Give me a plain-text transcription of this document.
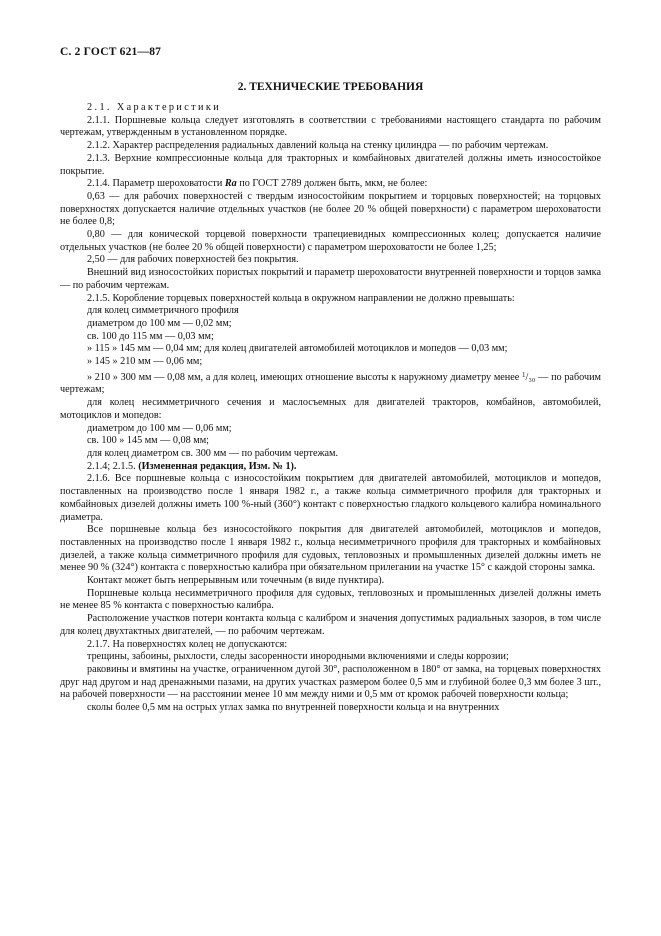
С. 2 ГОСТ 621—87
2. ТЕХНИЧЕСКИЕ ТРЕБОВАНИЯ

2.1. Характеристики

2.1.1. Поршневые кольца следует изготовлять в соответствии с требованиями настоящего стандарта по рабочим чертежам, утвержденным в установленном порядке.

2.1.2. Характер распределения радиальных давлений кольца на стенку цилиндра — по рабочим чертежам.

2.1.3. Верхние компрессионные кольца для тракторных и комбайновых двигателей должны иметь износостойкое покрытие.

2.1.4. Параметр шероховатости Ra по ГОСТ 2789 должен быть, мкм, не более:

0,63 — для рабочих поверхностей с твердым износостойким покрытием и торцовых поверхностей; на торцовых поверхностях допускается наличие отдельных участков (не более 20 % общей поверхности) с параметром шероховатости не более 0,8;

0,80 — для конической торцевой поверхности трапециевидных компрессионных колец; допускается наличие отдельных участков (не более 20 % общей поверхности) с параметром шероховатости не более 1,25;

2,50 — для рабочих поверхностей без покрытия.

Внешний вид износостойких пористых покрытий и параметр шероховатости внутренней поверхности и торцов замка — по рабочим чертежам.

2.1.5. Коробление торцевых поверхностей кольца в окружном направлении не должно превышать:

для колец симметричного профиля

диаметром до 100 мм — 0,02 мм;

св. 100 до 115 мм — 0,03 мм;

» 115 » 145 мм — 0,04 мм; для колец двигателей автомобилей мотоциклов и мопедов — 0,03 мм;

» 145 » 210 мм — 0,06 мм;

» 210 » 300 мм — 0,08 мм, а для колец, имеющих отношение высоты к наружному диаметру менее $^1$/₃₀ — по рабочим чертежам;

для колец несимметричного сечения и маслосъемных для двигателей тракторов, комбайнов, автомобилей, мотоциклов и мопедов:

диаметром до 100 мм — 0,06 мм;

св. 100 » 145 мм — 0,08 мм;

для колец диаметром св. 300 мм — по рабочим чертежам.

2.1.4; 2.1.5. (Измененная редакция, Изм. № 1).

2.1.6. Все поршневые кольца с износостойким покрытием для двигателей автомобилей, мотоциклов и мопедов, поставленных на производство после 1 января 1982 г., а также кольца симметричного профиля для тракторных и комбайновых дизелей должны иметь 100 %-ный (360°) контакт с поверхностью гладкого кольцевого калибра номинального диаметра.

Все поршневые кольца без износостойкого покрытия для двигателей автомобилей, мотоциклов и мопедов, поставленных на производство после 1 января 1982 г., кольца несимметричного профиля для тракторных и комбайновых дизелей, а также кольца симметричного профиля для судовых, тепловозных и промышленных дизелей должны иметь не менее 90 % (324°) контакта с поверхностью калибра при обязательном прилегании на участке 15° с каждой стороны замка.

Контакт может быть непрерывным или точечным (в виде пунктира).

Поршневые кольца несимметричного профиля для судовых, тепловозных и промышленных дизелей должны иметь не менее 85 % контакта с поверхностью калибра.

Расположение участков потери контакта кольца с калибром и значения допустимых радиальных зазоров, в том числе для колец двухтактных двигателей, — по рабочим чертежам.

2.1.7. На поверхностях колец не допускаются:

трещины, забоины, рыхлости, следы засоренности инородными включениями и следы коррозии;

раковины и вмятины на участке, ограниченном дугой 30°, расположенном в 180° от замка, на торцевых поверхностях друг над другом и над дренажными пазами, на других участках размером более 0,5 мм и глубиной более 0,3 мм более 3 шт., на рабочей поверхности — на расстоянии менее 10 мм между ними и 0,5 мм от кромок рабочей поверхности кольца;

сколы более 0,5 мм на острых углах замка по внутренней поверхности кольца и на внутренних
